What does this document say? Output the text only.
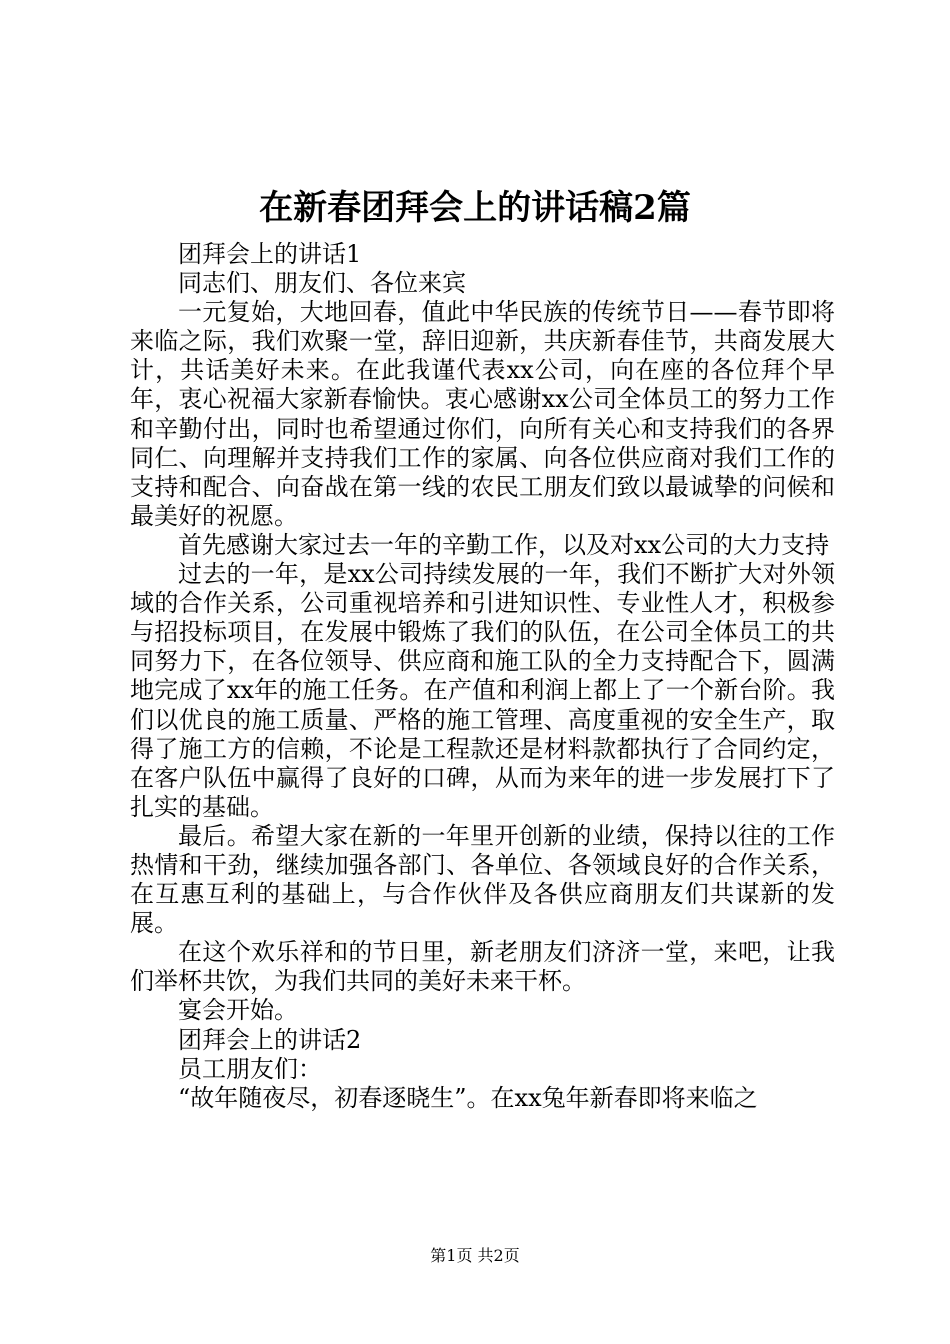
在新春团拜会上的讲话稿2篇

团拜会上的讲话1

同志们、朋友们、各位来宾

一元复始，大地回春，值此中华民族的传统节日——春节即将来临之际，我们欢聚一堂，辞旧迎新，共庆新春佳节，共商发展大计，共话美好未来。在此我谨代表xx公司，向在座的各位拜个早年，衷心祝福大家新春愉快。衷心感谢xx公司全体员工的努力工作和辛勤付出，同时也希望通过你们，向所有关心和支持我们的各界同仁、向理解并支持我们工作的家属、向各位供应商对我们工作的支持和配合、向奋战在第一线的农民工朋友们致以最诚挚的问候和最美好的祝愿。

首先感谢大家过去一年的辛勤工作，以及对xx公司的大力支持

过去的一年，是xx公司持续发展的一年，我们不断扩大对外领域的合作关系，公司重视培养和引进知识性、专业性人才，积极参与招投标项目，在发展中锻炼了我们的队伍，在公司全体员工的共同努力下，在各位领导、供应商和施工队的全力支持配合下，圆满地完成了xx年的施工任务。在产值和利润上都上了一个新台阶。我们以优良的施工质量、严格的施工管理、高度重视的安全生产，取得了施工方的信赖，不论是工程款还是材料款都执行了合同约定，在客户队伍中赢得了良好的口碑，从而为来年的进一步发展打下了扎实的基础。

最后。希望大家在新的一年里开创新的业绩，保持以往的工作热情和干劲，继续加强各部门、各单位、各领域良好的合作关系，在互惠互利的基础上，与合作伙伴及各供应商朋友们共谋新的发展。

在这个欢乐祥和的节日里，新老朋友们济济一堂，来吧，让我们举杯共饮，为我们共同的美好未来干杯。

宴会开始。

团拜会上的讲话2

员工朋友们：

“故年随夜尽，初春逐晓生”。在xx兔年新春即将来临之

第1页 共2页
